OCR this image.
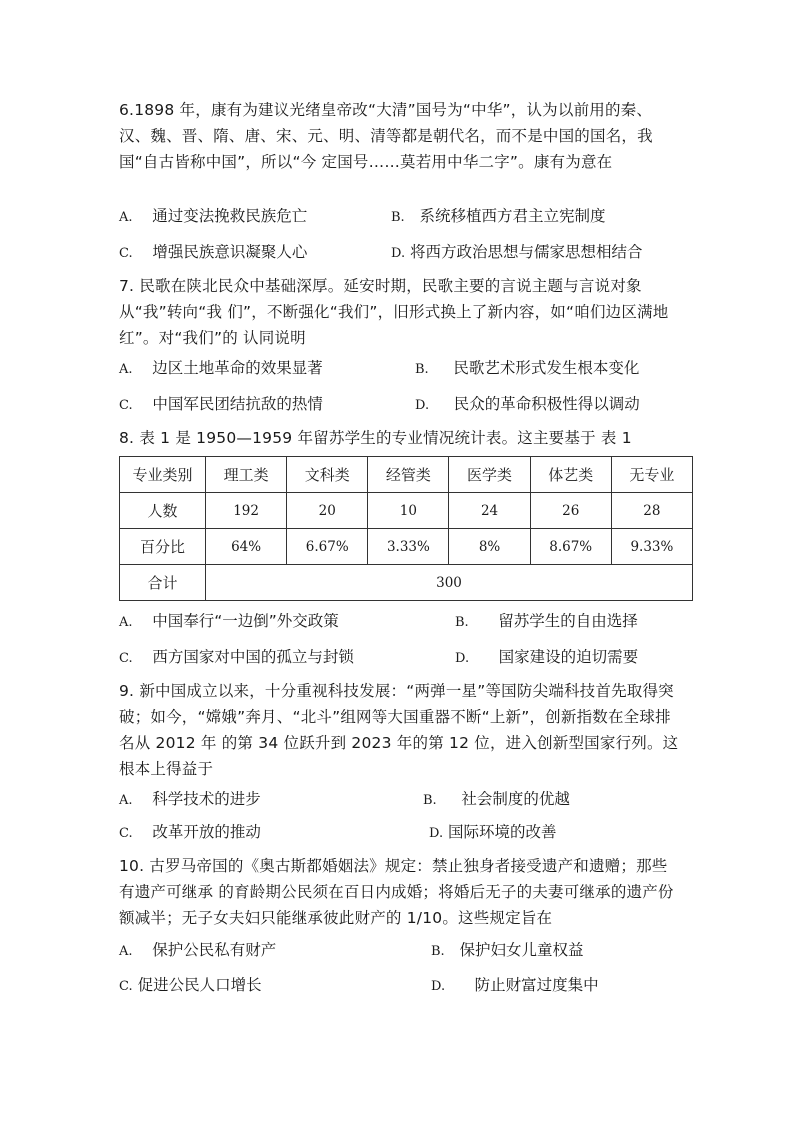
6.1898 年，康有为建议光绪皇帝改“大清”国号为“中华”，认为以前用的秦、汉、魏、晋、隋、唐、宋、元、明、清等都是朝代名，而不是中国的国名，我国“自古皆称中国”，所以“今 定国号……莫若用中华二字”。康有为意在
A. 通过变法挽救民族危亡	B. 系统移植西方君主立宪制度
C. 增强民族意识凝聚人心	D. 将西方政治思想与儒家思想相结合
7. 民歌在陕北民众中基础深厚。延安时期，民歌主要的言说主题与言说对象从“我”转向“我 们”，不断强化“我们”，旧形式换上了新内容，如“咱们边区满地红”。对“我们”的 认同说明
A. 边区土地革命的效果显著	B. 民歌艺术形式发生根本变化
C. 中国军民团结抗敌的热情	D. 民众的革命积极性得以调动
8. 表 1 是 1950—1959 年留苏学生的专业情况统计表。这主要基于 表 1
专业类别	理工类	文科类	经管类	医学类	体艺类	无专业
人数	192	20	10	24	26	28
百分比	64%	6.67%	3.33%	8%	8.67%	9.33%
合计	300					
A. 中国奉行“一边倒”外交政策	B. 留苏学生的自由选择
C. 西方国家对中国的孤立与封锁	D. 国家建设的迫切需要
9. 新中国成立以来，十分重视科技发展：“两弹一星”等国防尖端科技首先取得突破；如今，“嫦娥”奔月、“北斗”组网等大国重器不断“上新”，创新指数在全球排名从 2012 年 的第 34 位跃升到 2023 年的第 12 位，进入创新型国家行列。这根本上得益于
A. 科学技术的进步	B. 社会制度的优越
C. 改革开放的推动	D. 国际环境的改善
10. 古罗马帝国的《奥古斯都婚姻法》规定：禁止独身者接受遗产和遗赠；那些有遗产可继承 的育龄期公民须在百日内成婚；将婚后无子的夫妻可继承的遗产份额减半；无子女夫妇只能继承彼此财产的 1/10。这些规定旨在
A. 保护公民私有财产	B. 保护妇女儿童权益
C. 促进公民人口增长	D. 防止财富过度集中
